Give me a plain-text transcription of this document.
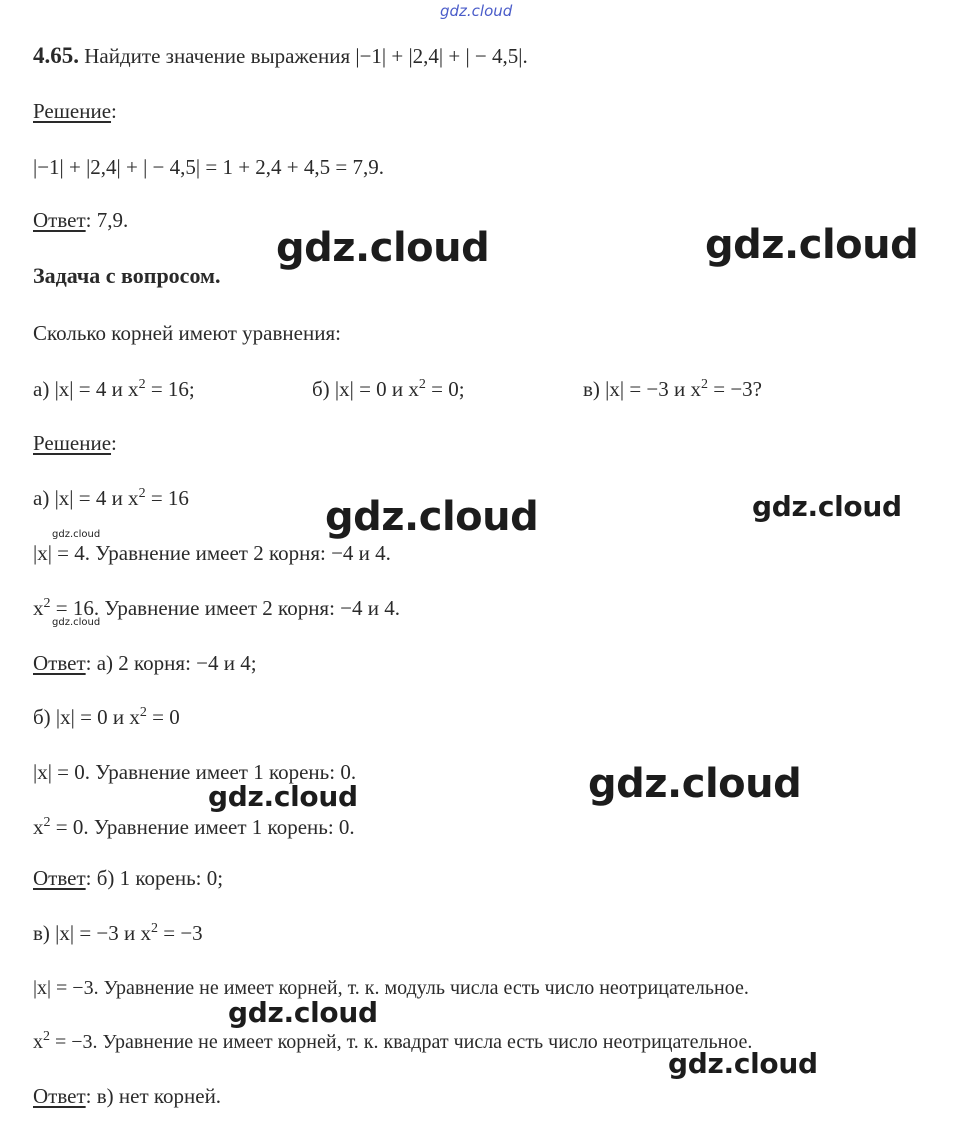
gdz.cloud
gdz.cloud	gdz.cloud
gdz.cloud	gdz.cloud
gdz.cloud
gdz.cloud
gdz.cloud
gdz.cloud
gdz.cloud
gdz.cloud
4.65. Найдите значение выражения |−1| + |2,4| + | − 4,5|.
Решение:
|−1| + |2,4| + | − 4,5| = 1 + 2,4 + 4,5 = 7,9.
Ответ: 7,9.
Задача с вопросом.
Сколько корней имеют уравнения:
а) |x| = 4 и $x^2 = 16$;	б) |x| = 0 и $x^2 = 0$;	в) |x| = −3 и $x^2 = -3$?
Решение:
а) |x| = 4 и $x^2 = 16$
|x| = 4. Уравнение имеет 2 корня: −4 и 4.
$x^2 = 16$. Уравнение имеет 2 корня: −4 и 4.
Ответ: а) 2 корня: −4 и 4;
б) |x| = 0 и $x^2 = 0$
|x| = 0. Уравнение имеет 1 корень: 0.
$x^2 = 0$. Уравнение имеет 1 корень: 0.
Ответ: б) 1 корень: 0;
в) |x| = −3 и $x^2 = -3$
|x| = −3. Уравнение не имеет корней, т. к. модуль числа есть число неотрицательное.
$x^2 = -3$. Уравнение не имеет корней, т. к. квадрат числа есть число неотрицательное.
Ответ: в) нет корней.
